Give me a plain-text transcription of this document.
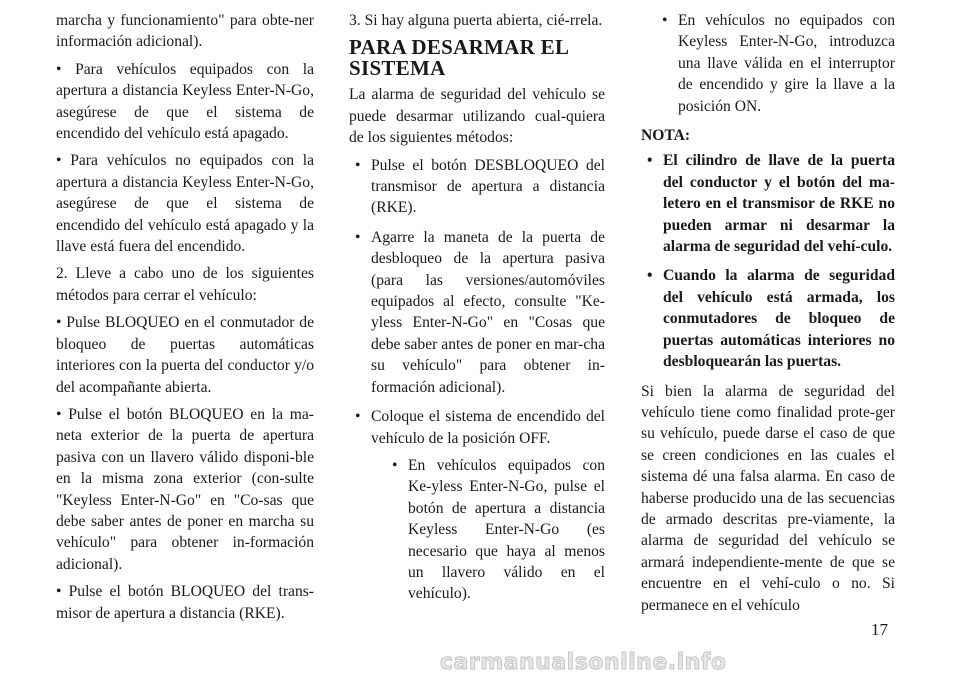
marcha y funcionamiento" para obte-ner información adicional).

• Para vehículos equipados con la apertura a distancia Keyless Enter-N-Go, asegúrese de que el sistema de encendido del vehículo está apagado.

• Para vehículos no equipados con la apertura a distancia Keyless Enter-N-Go, asegúrese de que el sistema de encendido del vehículo está apagado y la llave está fuera del encendido.

2. Lleve a cabo uno de los siguientes métodos para cerrar el vehículo:

• Pulse BLOQUEO en el conmutador de bloqueo de puertas automáticas interiores con la puerta del conductor y/o del acompañante abierta.

• Pulse el botón BLOQUEO en la ma-neta exterior de la puerta de apertura pasiva con un llavero válido disponi-ble en la misma zona exterior (con-sulte "Keyless Enter-N-Go" en "Co-sas que debe saber antes de poner en marcha su vehículo" para obtener in-formación adicional).

• Pulse el botón BLOQUEO del trans-misor de apertura a distancia (RKE).

3. Si hay alguna puerta abierta, cié-rrela.

PARA DESARMAR EL
SISTEMA

La alarma de seguridad del vehículo se puede desarmar utilizando cual-quiera de los siguientes métodos:

• Pulse el botón DESBLOQUEO del transmisor de apertura a distancia (RKE).
• Agarre la maneta de la puerta de desbloqueo de la apertura pasiva (para las versiones/automóviles equipados al efecto, consulte "Ke-yless Enter-N-Go" en "Cosas que debe saber antes de poner en mar-cha su vehículo" para obtener in-formación adicional).
• Coloque el sistema de encendido del vehículo de la posición OFF.
• En vehículos equipados con Ke-yless Enter-N-Go, pulse el botón de apertura a distancia Keyless Enter-N-Go (es necesario que haya al menos un llavero válido en el vehículo).
• En vehículos no equipados con Keyless Enter-N-Go, introduzca una llave válida en el interruptor de encendido y gire la llave a la posición ON.
NOTA:
• El cilindro de llave de la puerta del conductor y el botón del ma-letero en el transmisor de RKE no pueden armar ni desarmar la alarma de seguridad del vehí-culo.
• Cuando la alarma de seguridad del vehículo está armada, los conmutadores de bloqueo de puertas automáticas interiores no desbloquearán las puertas.

Si bien la alarma de seguridad del vehículo tiene como finalidad prote-ger su vehículo, puede darse el caso de que se creen condiciones en las cuales el sistema dé una falsa alarma. En caso de haberse producido una de las secuencias de armado descritas pre-viamente, la alarma de seguridad del vehículo se armará independiente-mente de que se encuentre en el vehí-culo o no. Si permanece en el vehículo

17
carmanualsonline.info
